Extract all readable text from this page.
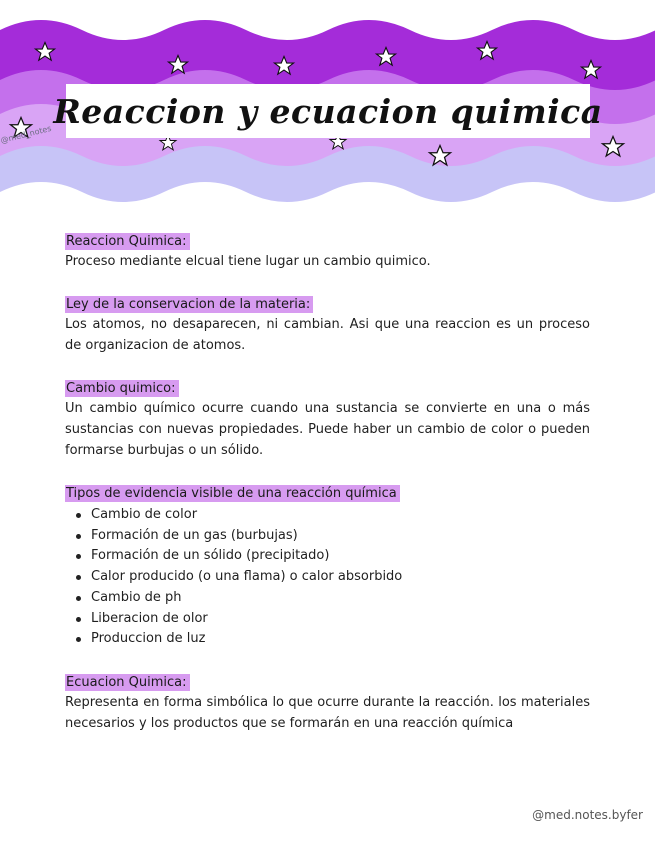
@med_notes
Reaccion y ecuacion quimica
Reaccion Quimica:

Proceso mediante elcual tiene lugar un cambio quimico.

Ley de la conservacion de la materia:

Los atomos, no desaparecen, ni cambian. Asi que una reaccion es un proceso de organizacion de atomos.

Cambio quimico:

Un cambio químico ocurre cuando una sustancia se convierte en una o más sustancias con nuevas propiedades. Puede haber un cambio de color o pueden formarse burbujas o un sólido.

Tipos de evidencia visible de una reacción química
Cambio de color
Formación de un gas (burbujas)
Formación de un sólido (precipitado)
Calor producido (o una flama) o calor absorbido
Cambio de ph
Liberacion de olor
Produccion de luz
Ecuacion Quimica:

Representa en forma simbólica lo que ocurre durante la reacción. los materiales necesarios y los productos que se formarán en una reacción química

@med.notes.byfer
